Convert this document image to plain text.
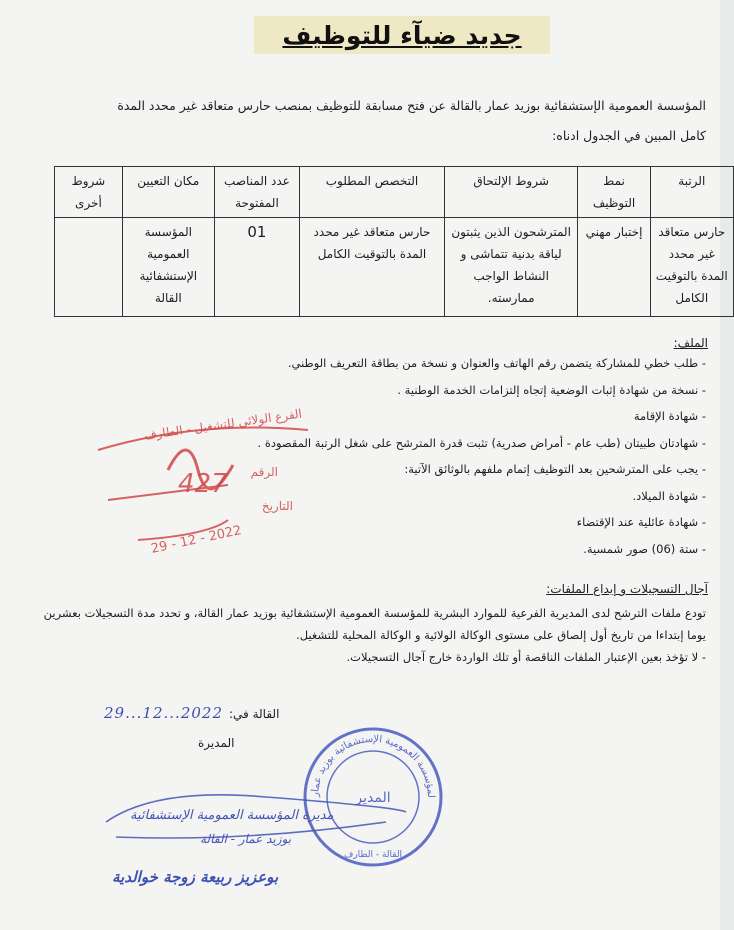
جديد ضيآء للتوظيف
المؤسسة العمومية الإستشفائية بوزيد عمار بالقالة عن فتح مسابقة للتوظيف بمنصب حارس متعاقد غير محدد المدة
كامل المبين في الجدول ادناه:
الرتبة	نمط التوظيف	شروط الإلتحاق	التخصص المطلوب	عدد المناصب المفتوحة	مكان التعيين	شروط أخرى
حارس متعاقد غير محدد المدة بالتوقيت الكامل	إختبار مهني	المترشحون الذين يثبتون لياقة بدنية تتماشى و النشاط الواجب ممارسته.	حارس متعاقد غير محدد المدة بالتوقيت الكامل	01	المؤسسة العمومية الإستشفائية القالة	
الملف:
- طلب خطي للمشاركة يتضمن رقم الهاتف والعنوان و نسخة من بطاقة التعريف الوطني.
- نسخة من شهادة إثبات الوضعية إتجاه إلتزامات الخدمة الوطنية .
- شهادة الإقامة
- شهادتان طبيتان (طب عام - أمراض صدرية) تثبت قدرة المترشح على شغل الرتبة المقصودة .
- يجب على المترشحين بعد التوظيف إتمام ملفهم بالوثائق الآتية:
- شهادة الميلاد.
- شهادة عائلية عند الإقتضاء
- ستة (06) صور شمسية.
آجال التسجيلات و إيداع الملفات:
تودع ملفات الترشح لدى المديرية الفرعية للموارد البشرية للمؤسسة العمومية الإستشفائية بوزيد عمار القالة، و تحدد مدة التسجيلات بعشرين
يوما إبتداءا من تاريخ أول إلصاق على مستوى الوكالة الولائية و الوكالة المحلية للتشغيل.
- لا تؤخذ بعين الإعتبار الملفات الناقصة أو تلك الواردة خارج آجال التسجيلات.
القالة في:
2022...12...29
المديرة
الفرع الولائي للتشغيل - الطارف
الرقم
427
التاريخ
29 - 12 - 2022
لمؤسسة العمومية الإستشفائية بوزيد عمار
المدير
القالة - الطارف
مديرة المؤسسة العمومية الإستشفائية
بوزيد عمار - القالة
بوعزيز ربيعة زوجة خوالدية
